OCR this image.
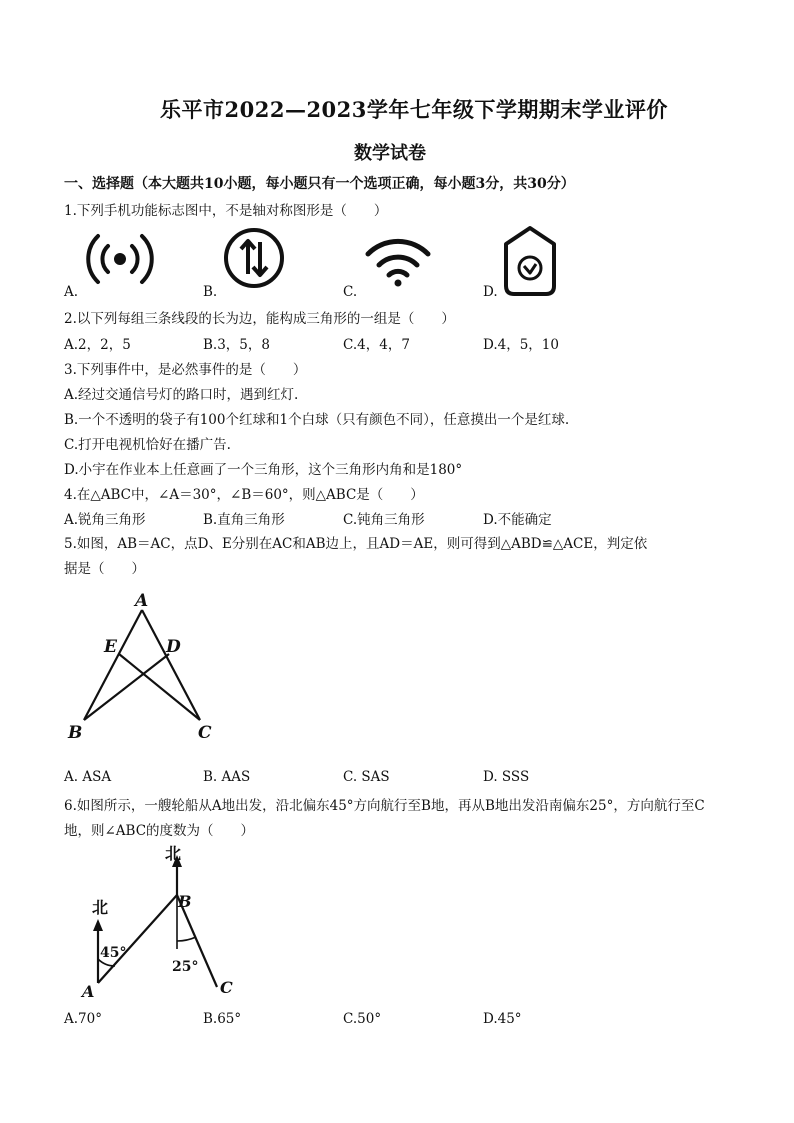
乐平市2022—2023学年七年级下学期期末学业评价
数学试卷
一、选择题（本大题共10小题，每小题只有一个选项正确，每小题3分，共30分）
1.下列手机功能标志图中，不是轴对称图形是（　　）
A.	B.	C.	D.
2.以下列每组三条线段的长为边，能构成三角形的一组是（　　）
A.2，2，5	B.3，5，8	C.4，4，7	D.4，5，10
3.下列事件中，是必然事件的是（　　）
A.经过交通信号灯的路口时，遇到红灯.
B.一个不透明的袋子有100个红球和1个白球（只有颜色不同），任意摸出一个是红球.
C.打开电视机恰好在播广告.
D.小宇在作业本上任意画了一个三角形，这个三角形内角和是180°
4.在△ABC中，∠A＝30°，∠B＝60°，则△ABC是（　　）
A.锐角三角形	B.直角三角形	C.钝角三角形	D.不能确定
5.如图，AB＝AC，点D、E分别在AC和AB边上，且AD＝AE，则可得到△ABD≌△ACE，判定依
据是（　　）
A
E	D
B	C
A. ASA	B. AAS	C. SAS	D. SSS
6.如图所示，一艘轮船从A地出发，沿北偏东45°方向航行至B地，再从B地出发沿南偏东25°，方向航行至C
地，则∠ABC的度数为（　　）
北
北
45°
25°
B
A	C
A.70°	B.65°	C.50°	D.45°
